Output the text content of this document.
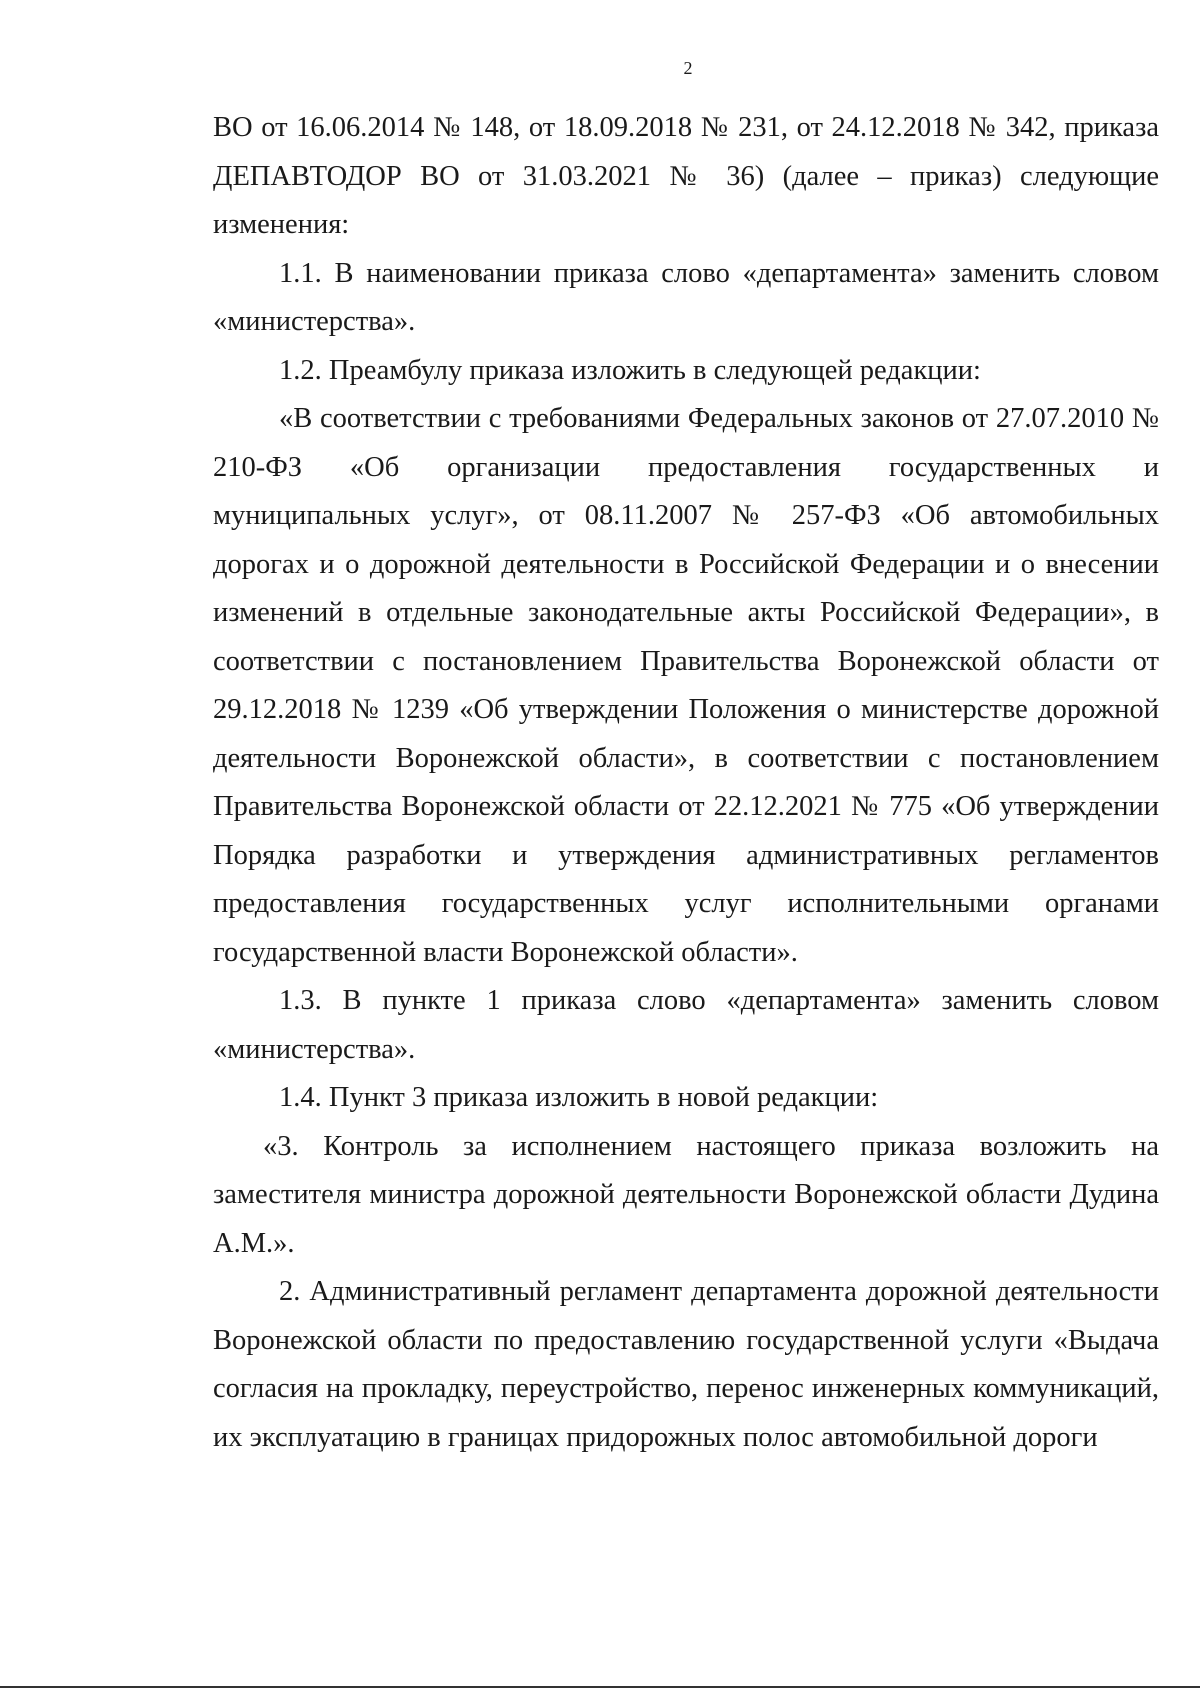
2

ВО от 16.06.2014 № 148, от 18.09.2018 № 231, от 24.12.2018 № 342, приказа ДЕПАВТОДОР ВО от 31.03.2021 № 36) (далее – приказ) следующие изменения:

1.1. В наименовании приказа слово «департамента» заменить словом «министерства».

1.2. Преамбулу приказа изложить в следующей редакции:

«В соответствии с требованиями Федеральных законов от 27.07.2010 № 210-ФЗ «Об организации предоставления государственных и муниципальных услуг», от 08.11.2007 № 257-ФЗ «Об автомобильных дорогах и о дорожной деятельности в Российской Федерации и о внесении изменений в отдельные законодательные акты Российской Федерации», в соответствии с постановлением Правительства Воронежской области от 29.12.2018 № 1239 «Об утверждении Положения о министерстве дорожной деятельности Воронежской области», в соответствии с постановлением Правительства Воронежской области от 22.12.2021 № 775 «Об утверждении Порядка разработки и утверждения административных регламентов предоставления государственных услуг исполнительными органами государственной власти Воронежской области».

1.3. В пункте 1 приказа слово «департамента» заменить словом «министерства».

1.4. Пункт 3 приказа изложить в новой редакции:

«3. Контроль за исполнением настоящего приказа возложить на заместителя министра дорожной деятельности Воронежской области Дудина А.М.».

2. Административный регламент департамента дорожной деятельности Воронежской области по предоставлению государственной услуги «Выдача согласия на прокладку, переустройство, перенос инженерных коммуникаций, их эксплуатацию в границах придорожных полос автомобильной дороги
